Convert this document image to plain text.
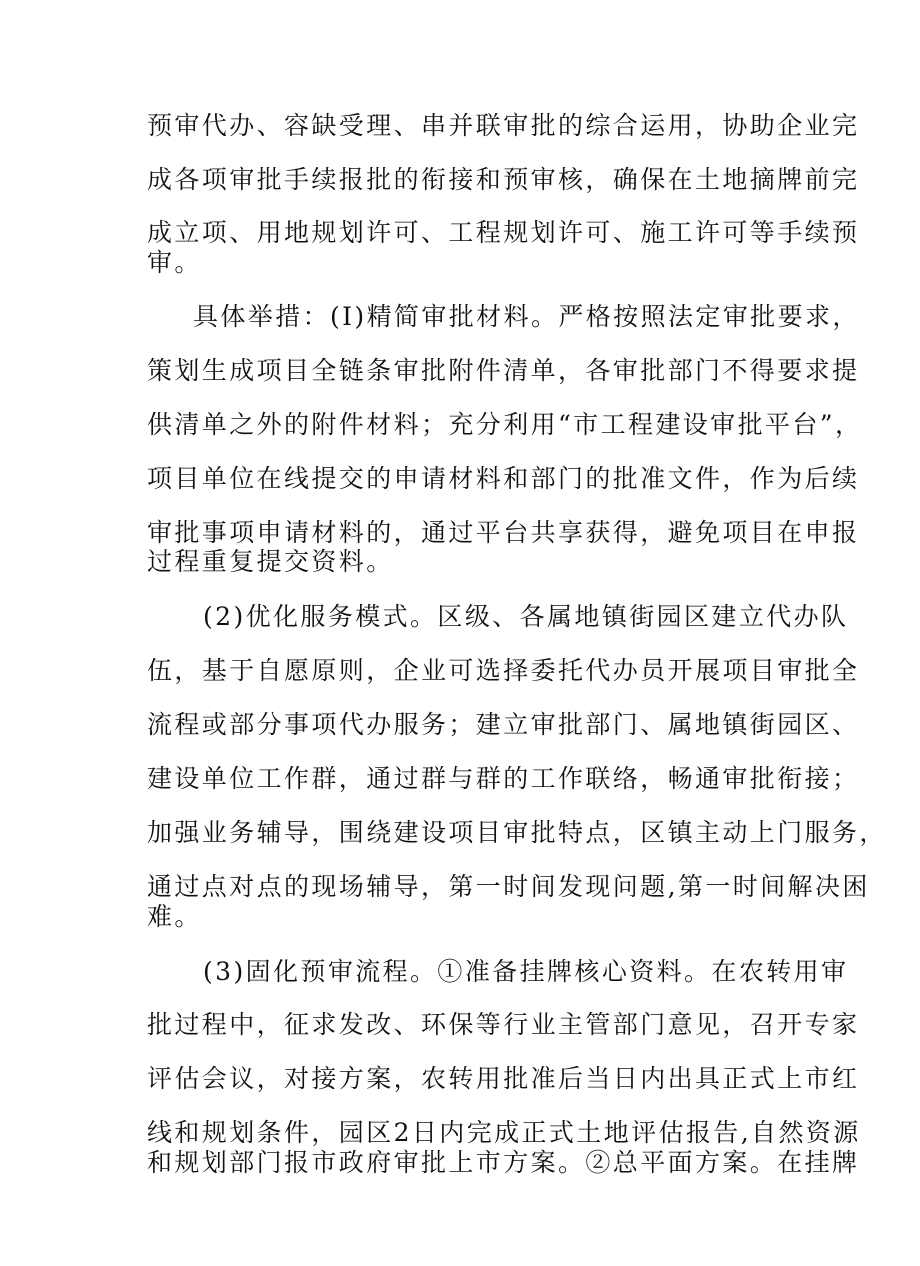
预审代办、容缺受理、串并联审批的综合运用，协助企业完
成各项审批手续报批的衔接和预审核，确保在土地摘牌前完
成立项、用地规划许可、工程规划许可、施工许可等手续预
审。
具体举措：(I)精简审批材料。严格按照法定审批要求，
策划生成项目全链条审批附件清单，各审批部门不得要求提
供清单之外的附件材料；充分利用“市工程建设审批平台”，
项目单位在线提交的申请材料和部门的批准文件，作为后续
审批事项申请材料的，通过平台共享获得，避免项目在申报
过程重复提交资料。
(2)优化服务模式。区级、各属地镇街园区建立代办队
伍，基于自愿原则，企业可选择委托代办员开展项目审批全
流程或部分事项代办服务；建立审批部门、属地镇街园区、
建设单位工作群，通过群与群的工作联络，畅通审批衔接；
加强业务辅导，围绕建设项目审批特点，区镇主动上门服务，
通过点对点的现场辅导，第一时间发现问题,第一时间解决困
难。
(3)固化预审流程。①准备挂牌核心资料。在农转用审
批过程中，征求发改、环保等行业主管部门意见，召开专家
评估会议，对接方案，农转用批准后当日内出具正式上市红
线和规划条件，园区2日内完成正式土地评估报告,自然资源
和规划部门报市政府审批上市方案。②总平面方案。在挂牌
